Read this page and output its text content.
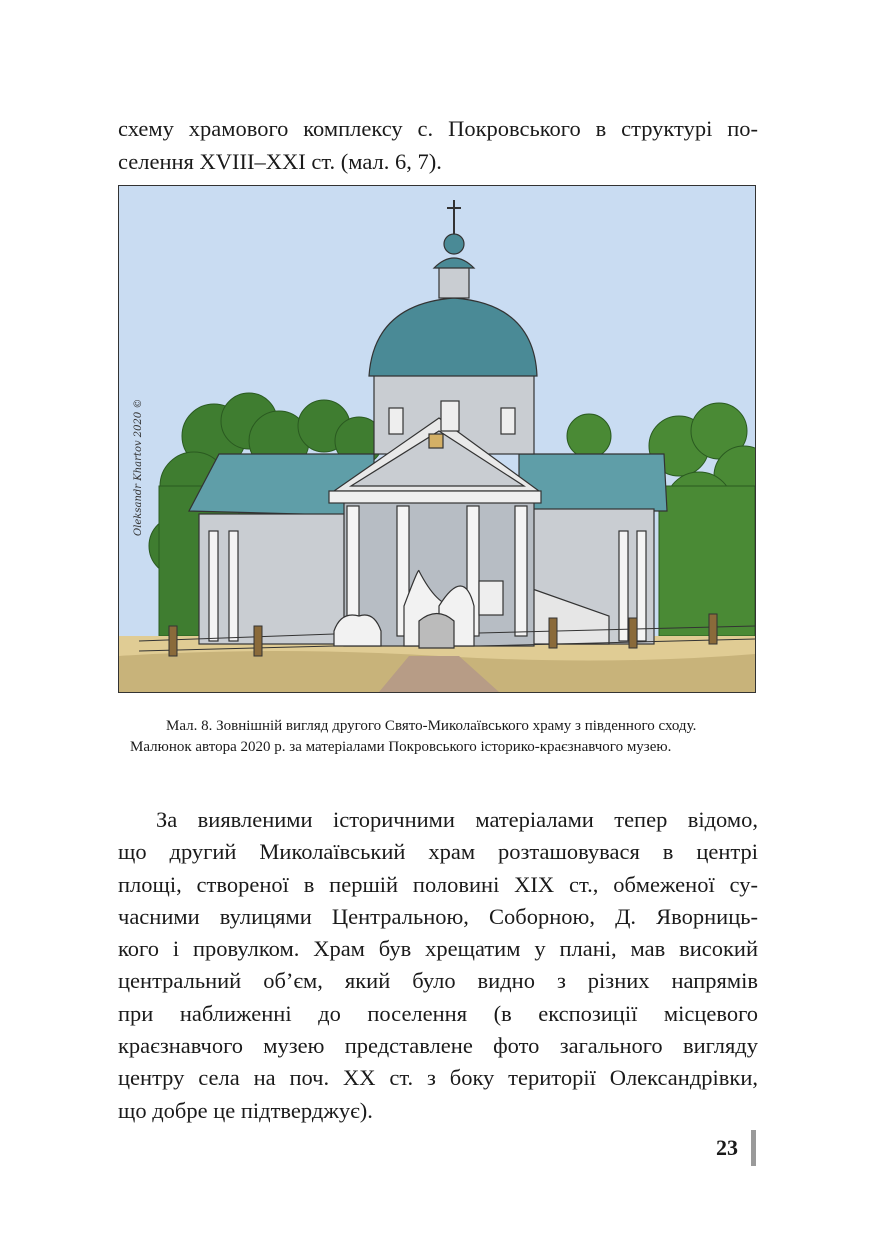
схему храмового комплексу с. Покровського в структурі по-
селення XVIII–XXI ст. (мал. 6, 7).

Oleksandr Khartov 2020 ©

Мал. 8. Зовнішній вигляд другого Свято-Миколаївського храму з південного сходу.
Малюнок автора 2020 р. за матеріалами Покровського історико-краєзнавчого музею.

За виявленими історичними матеріалами тепер відомо,
що другий Миколаївський храм розташовувася в центрі
площі, створеної в першій половині XIX ст., обмеженої су-
часними вулицями Центральною, Соборною, Д. Яворниць-
кого і провулком. Храм був хрещатим у плані, мав високий
центральний об’єм, який було видно з різних напрямів
при наближенні до поселення (в експозиції місцевого
краєзнавчого музею представлене фото загального вигляду
центру села на поч. XX ст. з боку території Олександрівки,
що добре це підтверджує).

23
